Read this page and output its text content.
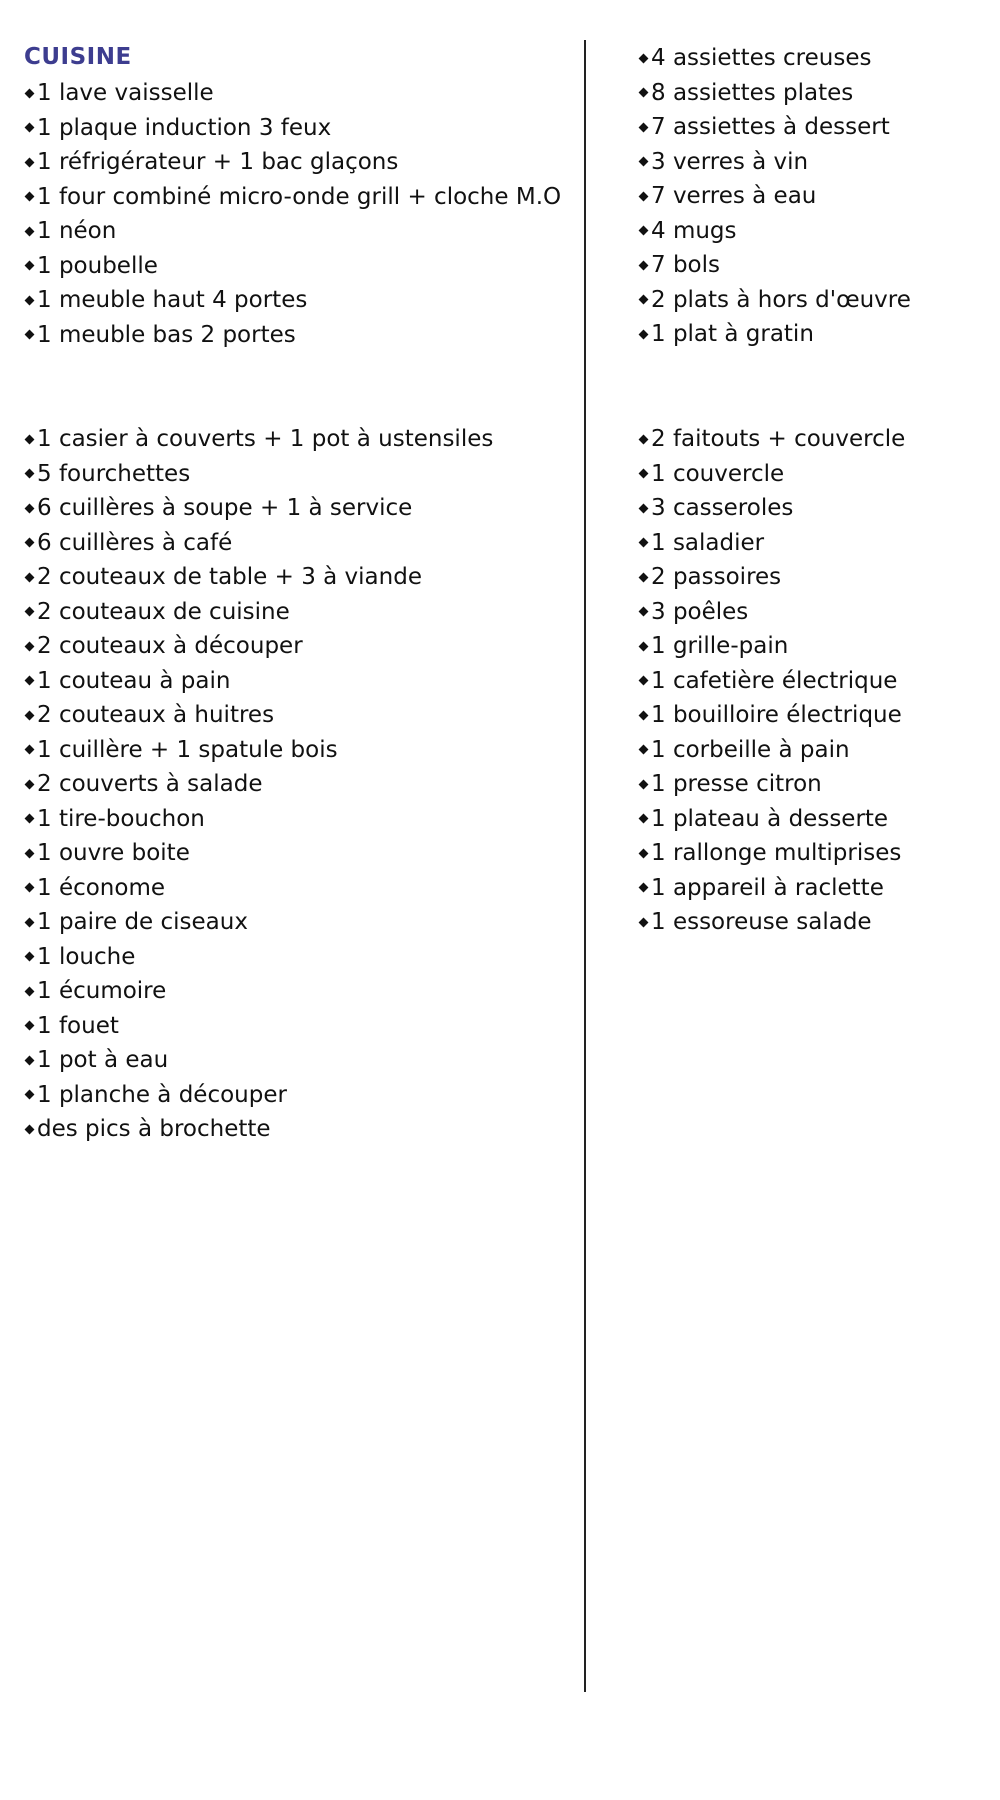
CUISINE
1 lave vaisselle
1 plaque induction 3 feux
1 réfrigérateur + 1 bac glaçons
1 four combiné micro-onde grill + cloche M.O
1 néon
1 poubelle
1 meuble haut 4 portes
1 meuble bas 2 portes
1 casier à couverts + 1 pot à ustensiles
5 fourchettes
6 cuillères à soupe + 1 à service
6 cuillères à café
2 couteaux de table + 3 à viande
2 couteaux de cuisine
2 couteaux à découper
1 couteau à pain
2 couteaux à huitres
1 cuillère + 1 spatule bois
2 couverts à salade
1 tire-bouchon
1 ouvre boite
1 économe
1 paire de ciseaux
1 louche
1 écumoire
1 fouet
1 pot à eau
1 planche à découper
des pics à brochette
4 assiettes creuses
8 assiettes plates
7 assiettes à dessert
3 verres à vin
7 verres à eau
4 mugs
7 bols
2 plats à hors d'œuvre
1 plat à gratin
2 faitouts + couvercle
1 couvercle
3 casseroles
1 saladier
2 passoires
3 poêles
1 grille-pain
1 cafetière électrique
1 bouilloire électrique
1 corbeille à pain
1 presse citron
1 plateau à desserte
1 rallonge multiprises
1 appareil à raclette
1 essoreuse salade
